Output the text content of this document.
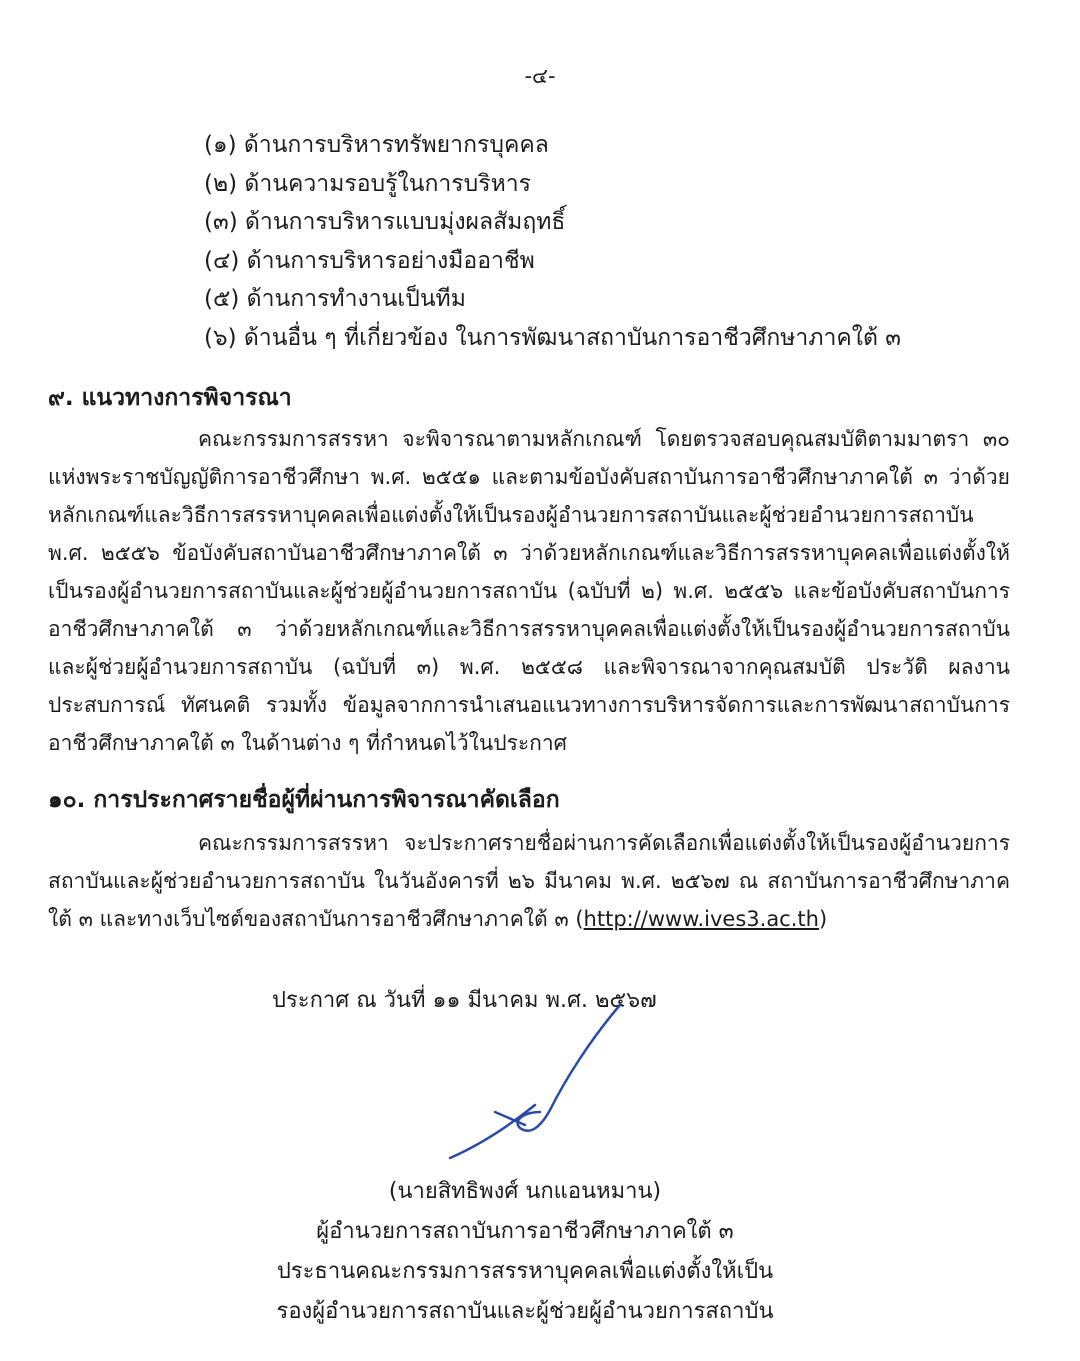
-๔-
(๑) ด้านการบริหารทรัพยากรบุคคล
(๒) ด้านความรอบรู้ในการบริหาร
(๓) ด้านการบริหารแบบมุ่งผลสัมฤทธิ์
(๔) ด้านการบริหารอย่างมืออาชีพ
(๕) ด้านการทำงานเป็นทีม
(๖) ด้านอื่น ๆ ที่เกี่ยวข้อง ในการพัฒนาสถาบันการอาชีวศึกษาภาคใต้ ๓
๙. แนวทางการพิจารณา
คณะกรรมการสรรหา จะพิจารณาตามหลักเกณฑ์ โดยตรวจสอบคุณสมบัติตามมาตรา ๓๐ แห่งพระราชบัญญัติการอาชีวศึกษา พ.ศ. ๒๕๕๑ และตามข้อบังคับสถาบันการอาชีวศึกษาภาคใต้ ๓ ว่าด้วยหลักเกณฑ์และวิธีการสรรหาบุคคลเพื่อแต่งตั้งให้เป็นรองผู้อำนวยการสถาบันและผู้ช่วยอำนวยการสถาบัน พ.ศ. ๒๕๕๖ ข้อบังคับสถาบันอาชีวศึกษาภาคใต้ ๓ ว่าด้วยหลักเกณฑ์และวิธีการสรรหาบุคคลเพื่อแต่งตั้งให้เป็นรองผู้อำนวยการสถาบันและผู้ช่วยผู้อำนวยการสถาบัน (ฉบับที่ ๒) พ.ศ. ๒๕๕๖ และข้อบังคับสถาบันการอาชีวศึกษาภาคใต้ ๓ ว่าด้วยหลักเกณฑ์และวิธีการสรรหาบุคคลเพื่อแต่งตั้งให้เป็นรองผู้อำนวยการสถาบันและผู้ช่วยผู้อำนวยการสถาบัน (ฉบับที่ ๓) พ.ศ. ๒๕๕๘ และพิจารณาจากคุณสมบัติ ประวัติ ผลงาน ประสบการณ์ ทัศนคติ รวมทั้ง ข้อมูลจากการนำเสนอแนวทางการบริหารจัดการและการพัฒนาสถาบันการอาชีวศึกษาภาคใต้ ๓ ในด้านต่าง ๆ ที่กำหนดไว้ในประกาศ
๑๐. การประกาศรายชื่อผู้ที่ผ่านการพิจารณาคัดเลือก
คณะกรรมการสรรหา จะประกาศรายชื่อผ่านการคัดเลือกเพื่อแต่งตั้งให้เป็นรองผู้อำนวยการสถาบันและผู้ช่วยอำนวยการสถาบัน ในวันอังคารที่ ๒๖ มีนาคม พ.ศ. ๒๕๖๗ ณ สถาบันการอาชีวศึกษาภาคใต้ ๓ และทางเว็บไซต์ของสถาบันการอาชีวศึกษาภาคใต้ ๓ (http://www.ives3.ac.th)
ประกาศ ณ วันที่ ๑๑ มีนาคม พ.ศ. ๒๕๖๗
(นายสิทธิพงศ์ นกแอนหมาน)
ผู้อำนวยการสถาบันการอาชีวศึกษาภาคใต้ ๓
ประธานคณะกรรมการสรรหาบุคคลเพื่อแต่งตั้งให้เป็น
รองผู้อำนวยการสถาบันและผู้ช่วยผู้อำนวยการสถาบัน
